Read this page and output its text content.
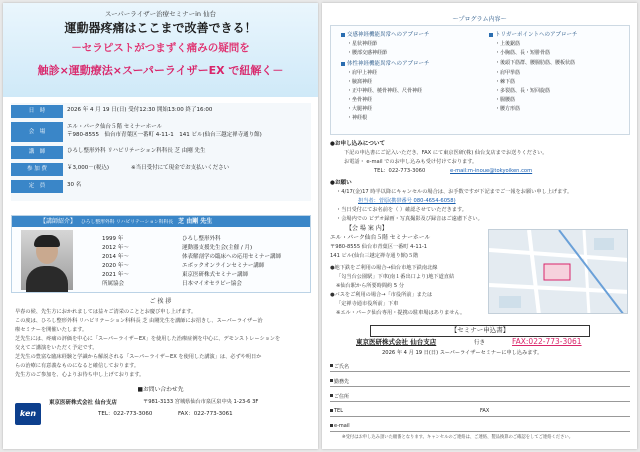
スーパーライザー治療セミナーin 仙台
運動器疼痛はここまで改善できる！
－セラピストがつまずく痛みの疑問を
触診×運動療法×スーパーライザーEX で紐解く－
日　時	2026 年 4 月 19 日(日) 受付12:30 開始13:00 終了16:00
会　場
エル・パーク仙台５階 セミナーホール
〒980-8555　仙台市青葉区一番町 4-11-1　141 ビル(仙台三越定禅寺通り館)
講　師	ひろし整形外科 リハビリテーション科科長 芝 由剛 先生
参 加 費	￥3,000－(税込)　　　　※当日受付にて現金でお支払いください
定　員	30 名
【講師紹介】 ひろし整形外科 リハビリテーション科科長 芝 由剛 先生
1999 年	ひろし整形外科
2012 年～	運動器支援先生会(主催 / 月)
2014 年～	体表解剖学の臨床への応用セミナー講師
2020 年～	エボックオンラインセミナー講師
2021 年～	東京医研株式セミナー講師
所属協会	日本マイオセラピー協会
ご 挨 拶
早春の候、先生方におかれましては益々ご清栄のこととお慶び申し上げます。
この度は、ひろし整形外科 リハビリテーション科科長 芝 由剛先生を講師にお招きし、スーパーライザー治
療セミナーを開催いたします。
芝先生には、疼痛の評価を中心に「スーパーライザーEX」を使用した治療症例を中心に、デモンストレーションを
交えてご講演をいただく予定です。
芝先生の豊富な臨床経験と学識から解説される「スーパーライザーEX を使用した講演」は、必ずや明日か
らの治療に有意義なものになると確信しております。
先生方のご参加を、心よりお待ち申し上げております。
■お問い合わせ先
ken
東京医研株式会社 仙台支店	〒981-3133 宮城県仙台市泉区泉中央 1-23-6 3F
TEL：022-773-3060	FAX：022-773-3061
～プログラム内容～
交感神経機能異常へのアプローチ
・星状神経節
・腰部交感神経節
体性神経機能異常へのアプローチ
・肩甲上神経
・腋窩神経
・正中神経、橈骨神経、尺骨神経
・坐骨神経
・大腿神経
・神経根
トリガーポイントへのアプローチ
・上後鋸筋
・小胸筋、長・短腓骨筋
・後頭下筋群、腰腸肋筋、腰板状筋
・肩甲挙筋
・棘下筋
・多裂筋、長・短回旋筋
・腸腰筋
・腰方形筋
●お申し込みについて
下記の申込書にご記入いただき、FAX にて東京医研(株) 仙台支店までお送りください。
お電話・ e-mail でのお申し込みも受け付けております。
TEL：022-773-3060	e-mail:m-inoue@tokyoiken.com
●お願い
・4/17(金)17 時半以降にキャンセルの場合は、お手数ですが下記までご一報をお願い申し上げます。
担当者：菅原(携帯番号 080-4654-6058)
・当日受付にてお名前を（ ）確認させていただきます。
・会場内での ビデオ録画・写真撮影及び録音はご遠慮下さい。
【会 場 案 内】
エル・パーク仙台５階 セミナーホール
〒980-8555 仙台市青葉区一番町 4-11-1
141 ビル(仙台三越定禅寺通り館)５階
●地下鉄をご利用の場合→仙台市地下鉄南北線
「勾当台公園駅」下車(南１番出口より)地下道直結
※仙台駅から所要時間約 5 分
●バスをご利用の場合→「市役所前」または
「定禅寺通市役所前」下車
※エル・パーク仙台専用・提携の駐車場はありません。
【セミナー申込書】
東京医研株式会社 仙台支店	行き	FAX:022-773-3061
2026 年 4 月 19 日(日) スーパーライザーセミナーに申し込みます。
ご氏名
勤務先
ご住所
TEL	FAX
e-mail
※受付はお申し込み頂いた順番となります。キャンセルのご連絡は、ご連絡、製品換算のご確認をしてご連絡ください。
